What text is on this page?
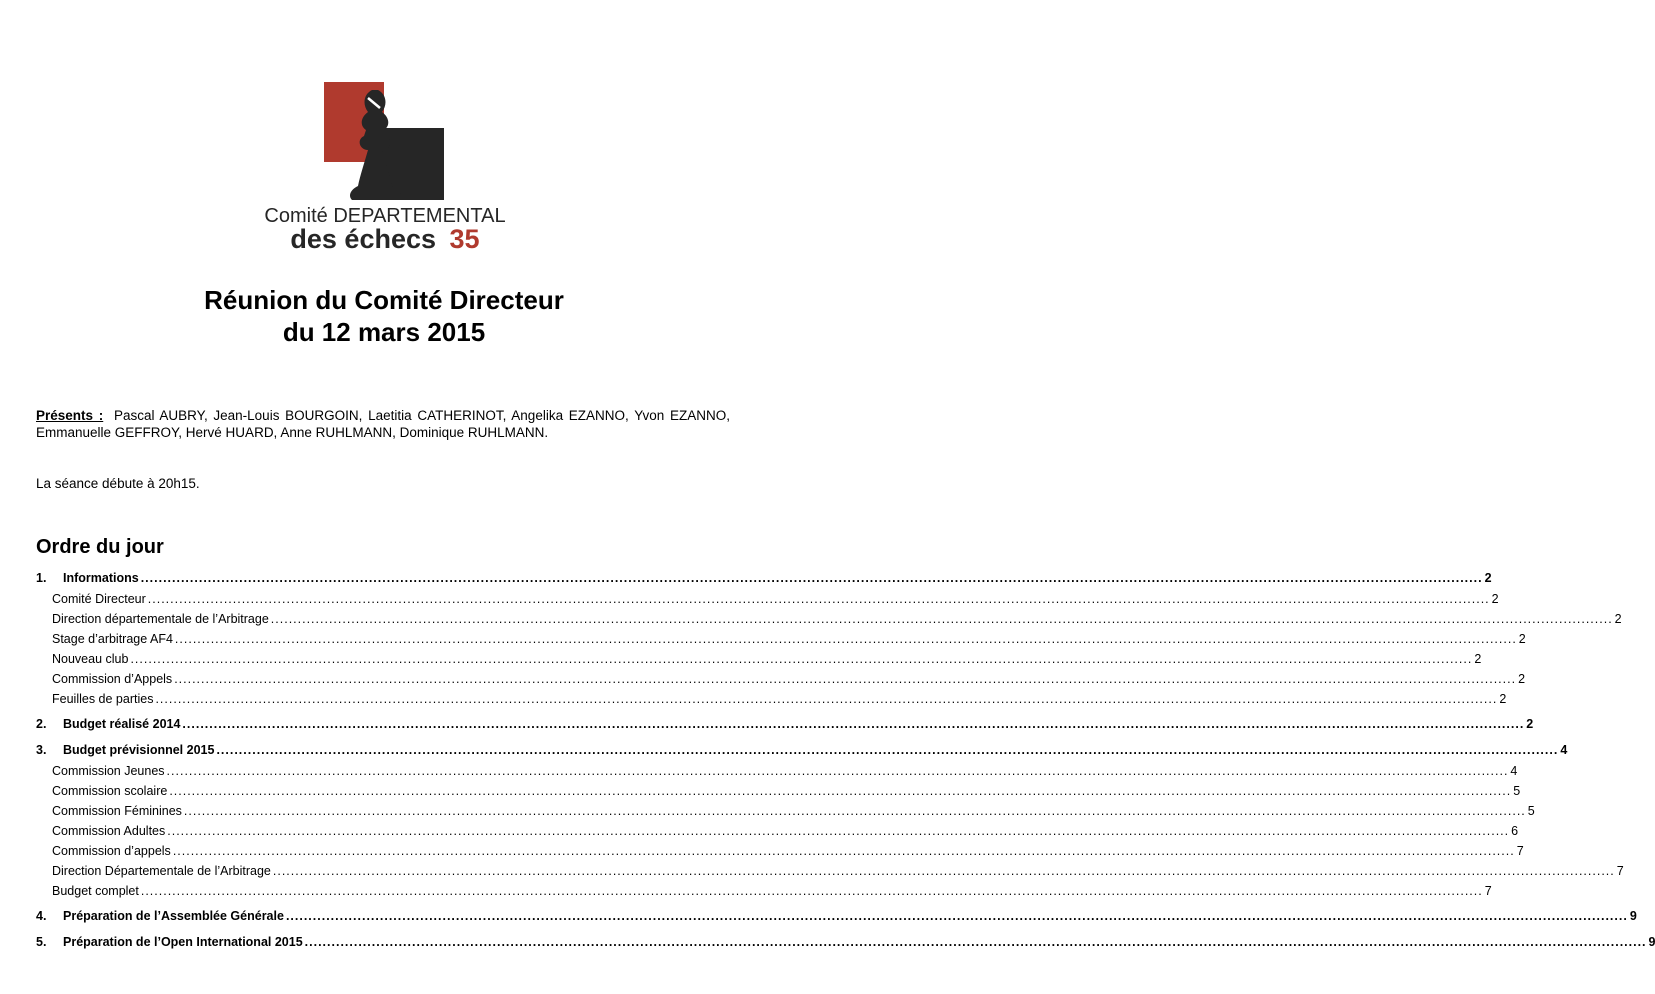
Comité DEPARTEMENTAL
des échecs 35
Réunion du Comité Directeur
du 12 mars 2015
Présents : Pascal AUBRY, Jean-Louis BOURGOIN, Laetitia CATHERINOT, Angelika EZANNO, Yvon EZANNO, Emmanuelle GEFFROY, Hervé HUARD, Anne RUHLMANN, Dominique RUHLMANN.
La séance débute à 20h15.
Ordre du jour
1.	Informations ............................................................................................................................................................................................................................................................................................................ 2
Comité Directeur ............................................................................................................................................................................................................................................................................................................ 2
Direction départementale de l’Arbitrage ............................................................................................................................................................................................................................................................................................................ 2
Stage d’arbitrage AF4 ............................................................................................................................................................................................................................................................................................................ 2
Nouveau club ............................................................................................................................................................................................................................................................................................................ 2
Commission d’Appels ............................................................................................................................................................................................................................................................................................................ 2
Feuilles de parties ............................................................................................................................................................................................................................................................................................................ 2
2.	Budget réalisé 2014 ............................................................................................................................................................................................................................................................................................................ 2
3.	Budget prévisionnel 2015 ............................................................................................................................................................................................................................................................................................................ 4
Commission Jeunes ............................................................................................................................................................................................................................................................................................................ 4
Commission scolaire ............................................................................................................................................................................................................................................................................................................ 5
Commission Féminines ............................................................................................................................................................................................................................................................................................................ 5
Commission Adultes ............................................................................................................................................................................................................................................................................................................ 6
Commission d’appels ............................................................................................................................................................................................................................................................................................................ 7
Direction Départementale de l’Arbitrage ............................................................................................................................................................................................................................................................................................................ 7
Budget complet ............................................................................................................................................................................................................................................................................................................ 7
4.	Préparation de l’Assemblée Générale ............................................................................................................................................................................................................................................................................................................ 9
5.	Préparation de l’Open International 2015 ............................................................................................................................................................................................................................................................................................................ 9
